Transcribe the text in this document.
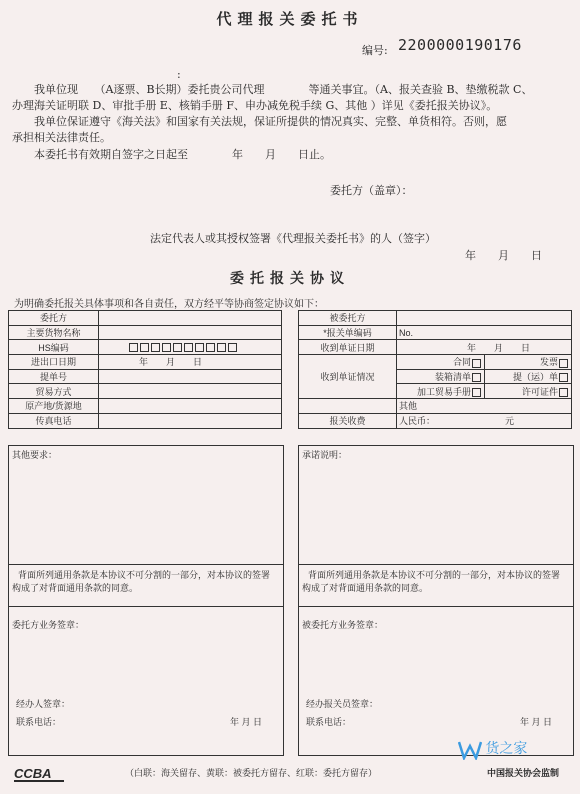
代理报关委托书
编号: 2200000190176
:
我单位现　　（A逐票、B长期）委托贵公司代理　　　　等通关事宜。（A、报关查验 B、垫缴税款 C、
办理海关证明联 D、审批手册 E、核销手册 F、申办减免税手续 G、其他 ）详见《委托报关协议》。
我单位保证遵守《海关法》和国家有关法规，保证所提供的情况真实、完整、单货相符。否则，愿
承担相关法律责任。
本委托书有效期自签字之日起至　　　　年　　月　　日止。
委托方（盖章）：
法定代表人或其授权签署《代理报关委托书》的人（签字）
年　　月　　日
委托报关协议
为明确委托报关具体事项和各自责任，双方经平等协商签定协议如下：
委托方	
主要货物名称	
HS编码	
进出口日期	年　　月　　日
提单号	
贸易方式	
原产地/货源地	
传真电话	
被委托方		
*报关单编码	No.	
收到单证日期	年　　月　　日	
收到单证情况	合同	发票
	装箱清单	提（运）单
	加工贸易手册	许可证件
	其他	
报关收费	人民币： 元	
其他要求：
背面所列通用条款是本协议不可分割的一部分，对本协议的签署
构成了对背面通用条款的同意。
委托方业务签章：
经办人签章：
联系电话：	年 月 日
承诺说明：
背面所列通用条款是本协议不可分割的一部分，对本协议的签署
构成了对背面通用条款的同意。
被委托方业务签章：
经办报关员签章：
联系电话：	年 月 日
CCBA	（白联：海关留存、黄联：被委托方留存、红联：委托方留存）	中国报关协会监制
货之家
